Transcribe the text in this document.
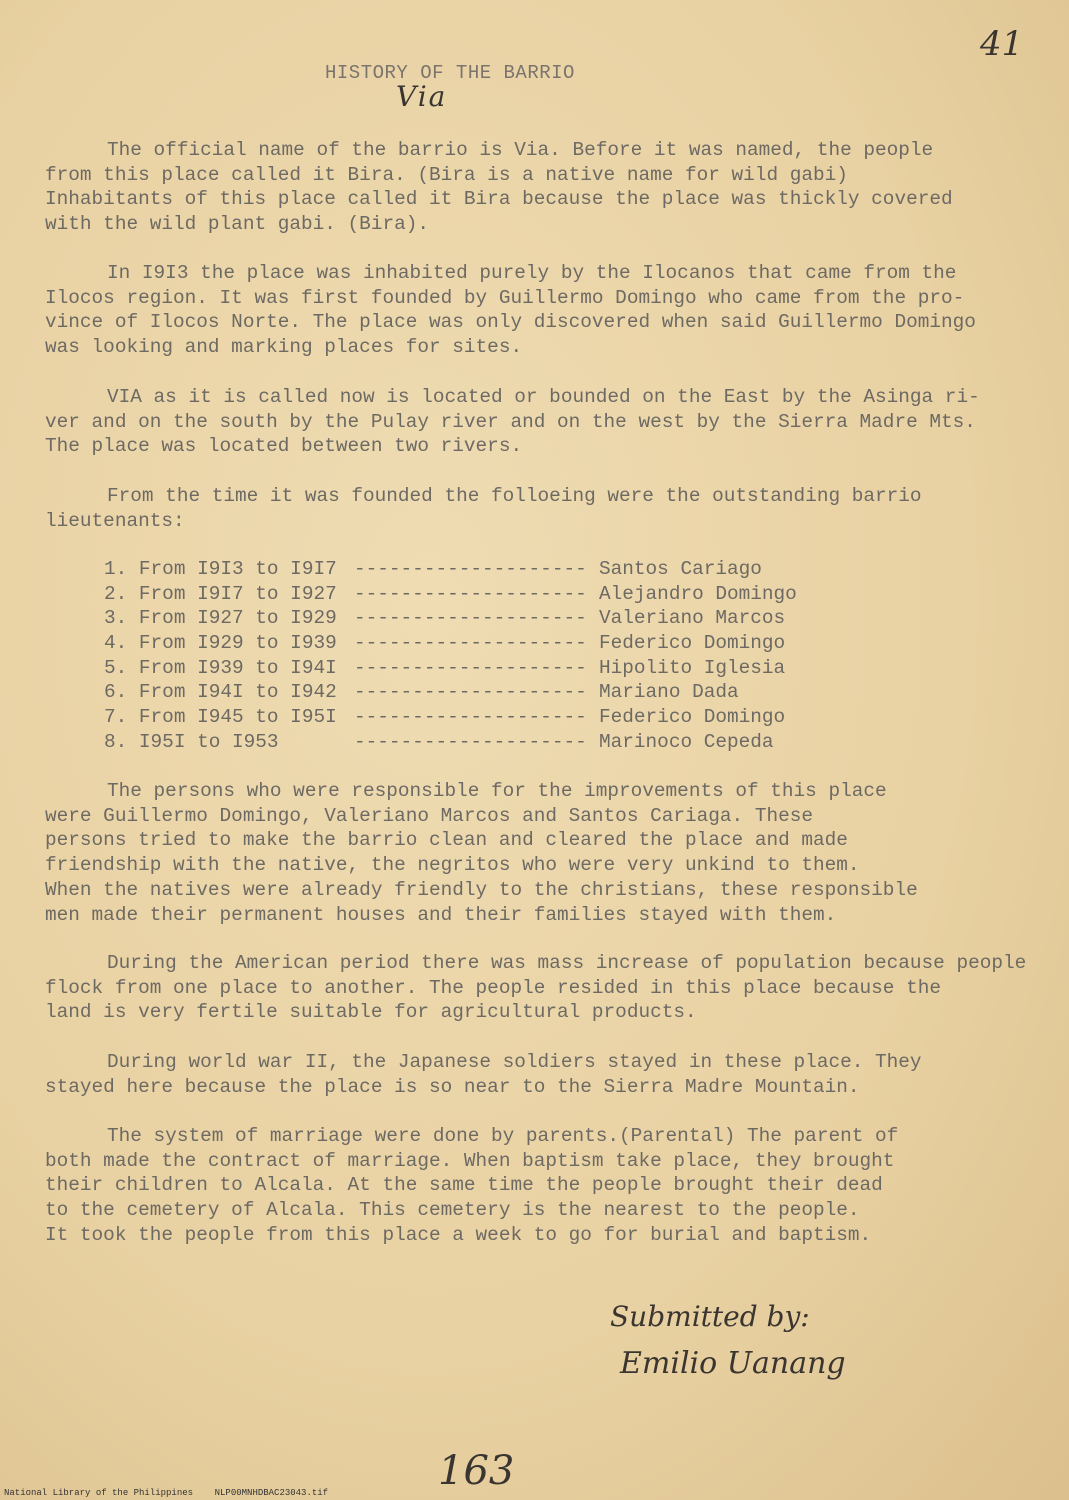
41
HISTORY OF THE BARRIO
Via

The official name of the barrio is Via. Before it was named, the people
from this place called it Bira. (Bira is a native name for wild gabi)
Inhabitants of this place called it Bira because the place was thickly covered
with the wild plant gabi. (Bira).

In I9I3 the place was inhabited purely by the Ilocanos that came from the
Ilocos region. It was first founded by Guillermo Domingo who came from the pro-
vince of Ilocos Norte. The place was only discovered when said Guillermo Domingo
was looking and marking places for sites.

VIA as it is called now is located or bounded on the East by the Asinga ri-
ver and on the south by the Pulay river and on the west by the Sierra Madre Mts.
The place was located between two rivers.

From the time it was founded the folloeing were the outstanding barrio
lieutenants:

1. From I9I3 to I9I7 -------------------- Santos Cariago
2. From I9I7 to I927 -------------------- Alejandro Domingo
3. From I927 to I929 -------------------- Valeriano Marcos
4. From I929 to I939 -------------------- Federico Domingo
5. From I939 to I94I -------------------- Hipolito Iglesia
6. From I94I to I942 -------------------- Mariano Dada
7. From I945 to I95I -------------------- Federico Domingo
8. I95I to I953	-------------------- Marinoco Cepeda

The persons who were responsible for the improvements of this place
were Guillermo Domingo, Valeriano Marcos and Santos Cariaga. These
persons tried to make the barrio clean and cleared the place and made
friendship with the native, the negritos who were very unkind to them.
When the natives were already friendly to the christians, these responsible
men made their permanent houses and their families stayed with them.

During the American period there was mass increase of population because people
flock from one place to another. The people resided in this place because the
land is very fertile suitable for agricultural products.

During world war II, the Japanese soldiers stayed in these place. They
stayed here because the place is so near to the Sierra Madre Mountain.

The system of marriage were done by parents.(Parental) The parent of
both made the contract of marriage. When baptism take place, they brought
their children to Alcala. At the same time the people brought their dead
to the cemetery of Alcala. This cemetery is the nearest to the people.
It took the people from this place a week to go for burial and baptism.

Submitted by:
Emilio Uanang
163
National Library of the Philippines    NLP00MNHDBAC23043.tif
